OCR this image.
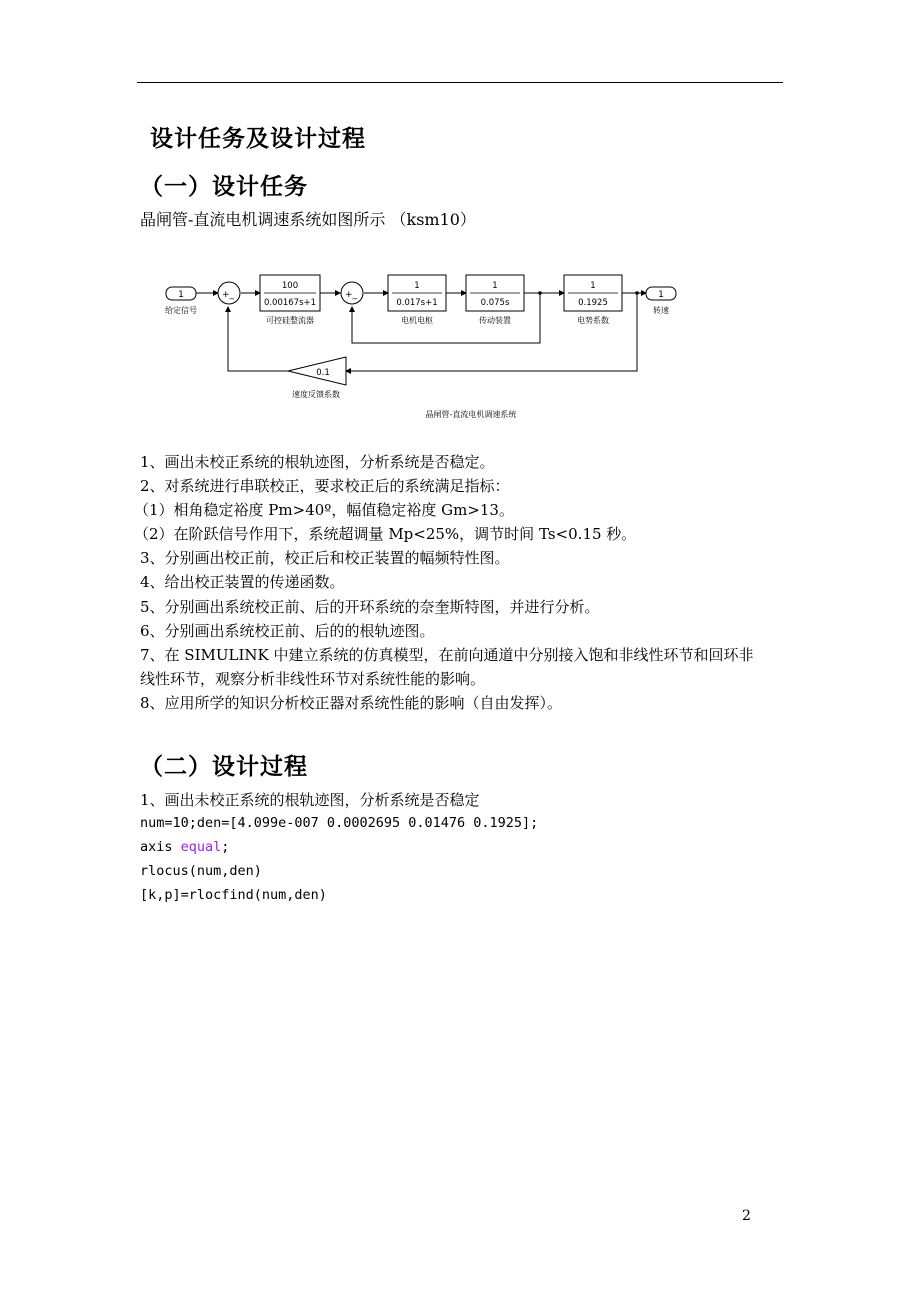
设计任务及设计过程
（一）设计任务
晶闸管-直流电机调速系统如图所示 （ksm10）
1
给定信号
+_
100
0.00167s+1
可控硅整流器
+_
1
0.017s+1
电机电枢
1
0.075s
传动装置
1
0.1925
电势系数
1
转速
0.1
速度反馈系数
晶闸管-直流电机调速系统
1、画出未校正系统的根轨迹图，分析系统是否稳定。
2、对系统进行串联校正，要求校正后的系统满足指标：
（1）相角稳定裕度 Pm>40º，幅值稳定裕度 Gm>13。
（2）在阶跃信号作用下，系统超调量 Mp<25%，调节时间 Ts<0.15 秒。
3、分别画出校正前，校正后和校正装置的幅频特性图。
4、给出校正装置的传递函数。
5、分别画出系统校正前、后的开环系统的奈奎斯特图，并进行分析。
6、分别画出系统校正前、后的的根轨迹图。
7、在 SIMULINK 中建立系统的仿真模型，在前向通道中分别接入饱和非线性环节和回环非
线性环节，观察分析非线性环节对系统性能的影响。
8、应用所学的知识分析校正器对系统性能的影响（自由发挥）。
（二）设计过程
1、画出未校正系统的根轨迹图，分析系统是否稳定
num=10;den=[4.099e-007 0.0002695 0.01476 0.1925];
axis equal;
rlocus(num,den)
[k,p]=rlocfind(num,den)
2
